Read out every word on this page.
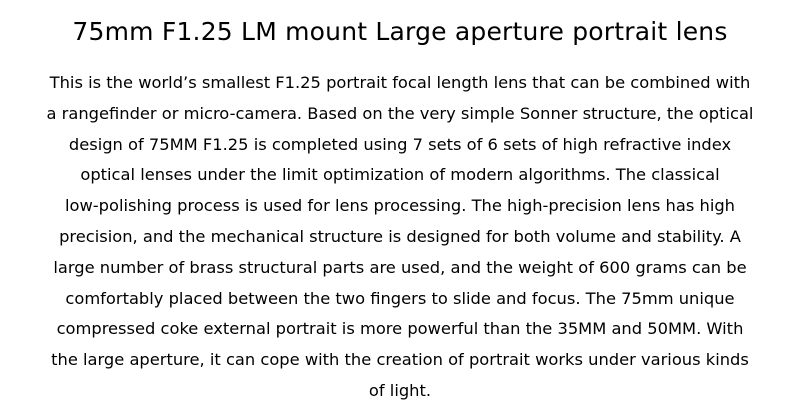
75mm F1.25 LM mount Large aperture portrait lens
This is the world’s smallest F1.25 portrait focal length lens that can be combined with
a rangefinder or micro-camera. Based on the very simple Sonner structure, the optical
design of 75MM F1.25 is completed using 7 sets of 6 sets of high refractive index
optical lenses under the limit optimization of modern algorithms. The classical
low-polishing process is used for lens processing. The high-precision lens has high
precision, and the mechanical structure is designed for both volume and stability. A
large number of brass structural parts are used, and the weight of 600 grams can be
comfortably placed between the two fingers to slide and focus. The 75mm unique
compressed coke external portrait is more powerful than the 35MM and 50MM. With
the large aperture, it can cope with the creation of portrait works under various kinds
of light.
